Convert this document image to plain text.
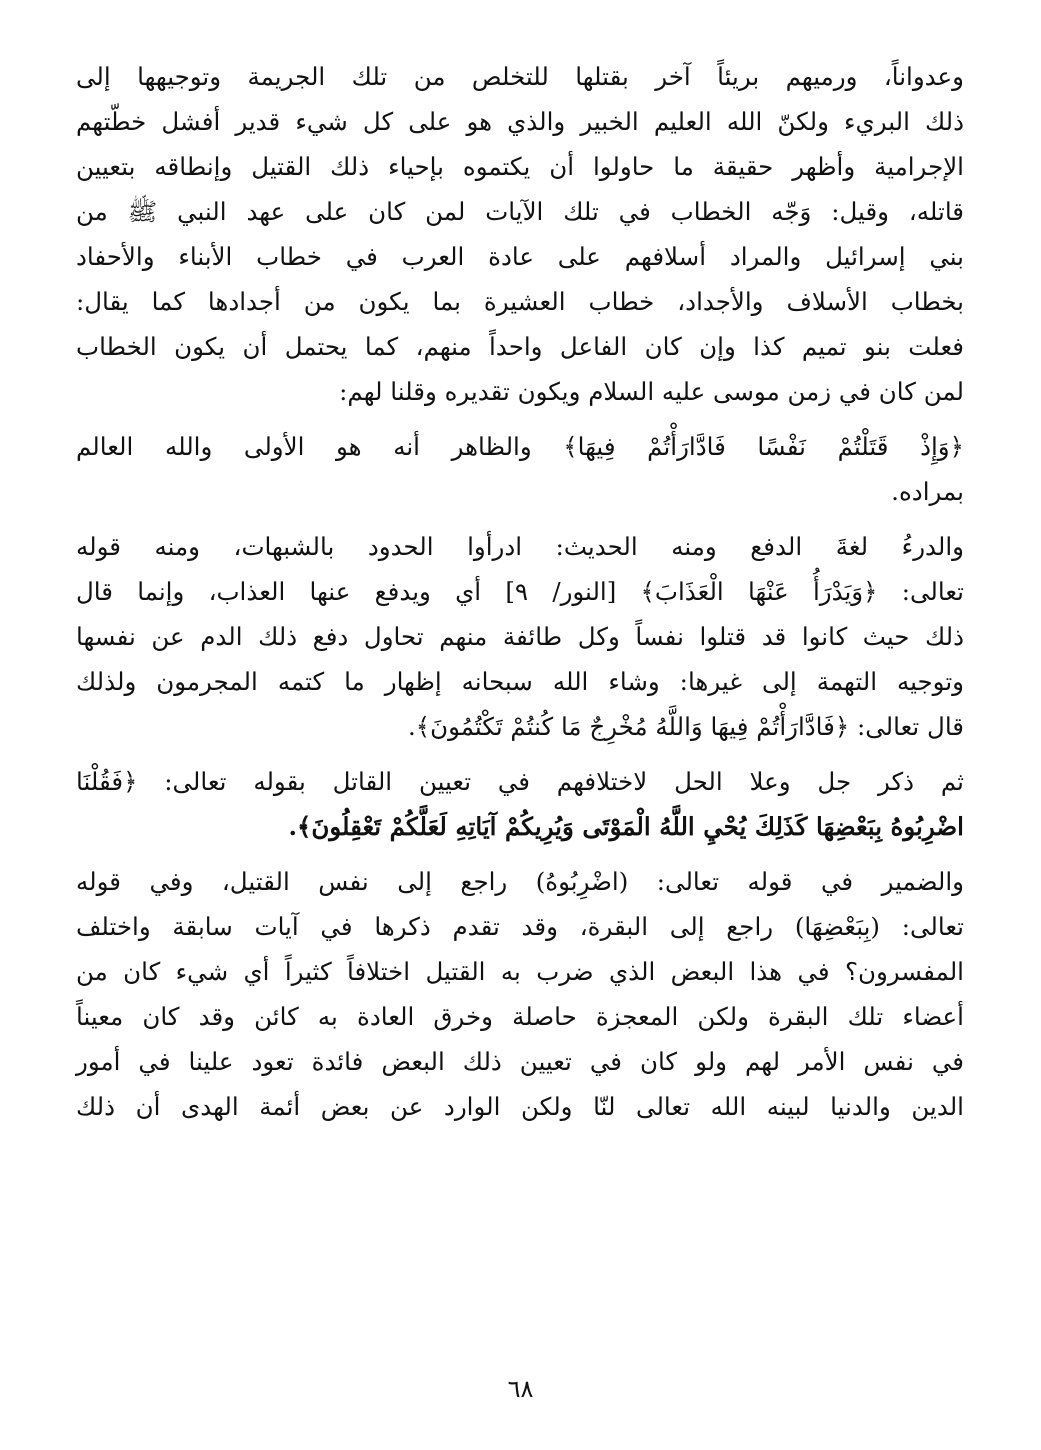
وعدواناً، ورميهم بريئاً آخر بقتلها للتخلص من تلك الجريمة وتوجيهها إلى
ذلك البريء ولكنّ الله العليم الخبير والذي هو على كل شيء قدير أفشل خطّتهم
الإجرامية وأظهر حقيقة ما حاولوا أن يكتموه بإحياء ذلك القتيل وإنطاقه بتعيين
قاتله، وقيل: وَجّه الخطاب في تلك الآيات لمن كان على عهد النبي ﷺ من
بني إسرائيل والمراد أسلافهم على عادة العرب في خطاب الأبناء والأحفاد
بخطاب الأسلاف والأجداد، خطاب العشيرة بما يكون من أجدادها كما يقال:
فعلت بنو تميم كذا وإن كان الفاعل واحداً منهم، كما يحتمل أن يكون الخطاب
لمن كان في زمن موسى عليه السلام ويكون تقديره وقلنا لهم:

﴿وَإِذْ قَتَلْتُمْ نَفْسًا فَادَّارَأْتُمْ فِيهَا﴾ والظاهر أنه هو الأولى والله العالم
بمراده.

والدرءُ لغةَ الدفع ومنه الحديث: ادرأوا الحدود بالشبهات، ومنه قوله
تعالى: ﴿وَيَدْرَأُ عَنْهَا الْعَذَابَ﴾ [النور/ ٩] أي ويدفع عنها العذاب، وإنما قال
ذلك حيث كانوا قد قتلوا نفساً وكل طائفة منهم تحاول دفع ذلك الدم عن نفسها
وتوجيه التهمة إلى غيرها: وشاء الله سبحانه إظهار ما كتمه المجرمون ولذلك
قال تعالى: ﴿فَادَّارَأْتُمْ فِيهَا وَاللَّهُ مُخْرِجٌ مَا كُنتُمْ تَكْتُمُونَ﴾.

ثم ذكر جل وعلا الحل لاختلافهم في تعيين القاتل بقوله تعالى: ﴿فَقُلْنَا
اضْرِبُوهُ بِبَعْضِهَا كَذَلِكَ يُحْيِ اللَّهُ الْمَوْتَى وَيُرِيكُمْ آيَاتِهِ لَعَلَّكُمْ تَعْقِلُونَ﴾.

والضمير في قوله تعالى: (اضْرِبُوهُ) راجع إلى نفس القتيل، وفي قوله
تعالى: (بِبَعْضِهَا) راجع إلى البقرة، وقد تقدم ذكرها في آيات سابقة واختلف
المفسرون؟ في هذا البعض الذي ضرب به القتيل اختلافاً كثيراً أي شيء كان من
أعضاء تلك البقرة ولكن المعجزة حاصلة وخرق العادة به كائن وقد كان معيناً
في نفس الأمر لهم ولو كان في تعيين ذلك البعض فائدة تعود علينا في أمور
الدين والدنيا لبينه الله تعالى لنّا ولكن الوارد عن بعض أئمة الهدى أن ذلك

٦٨
